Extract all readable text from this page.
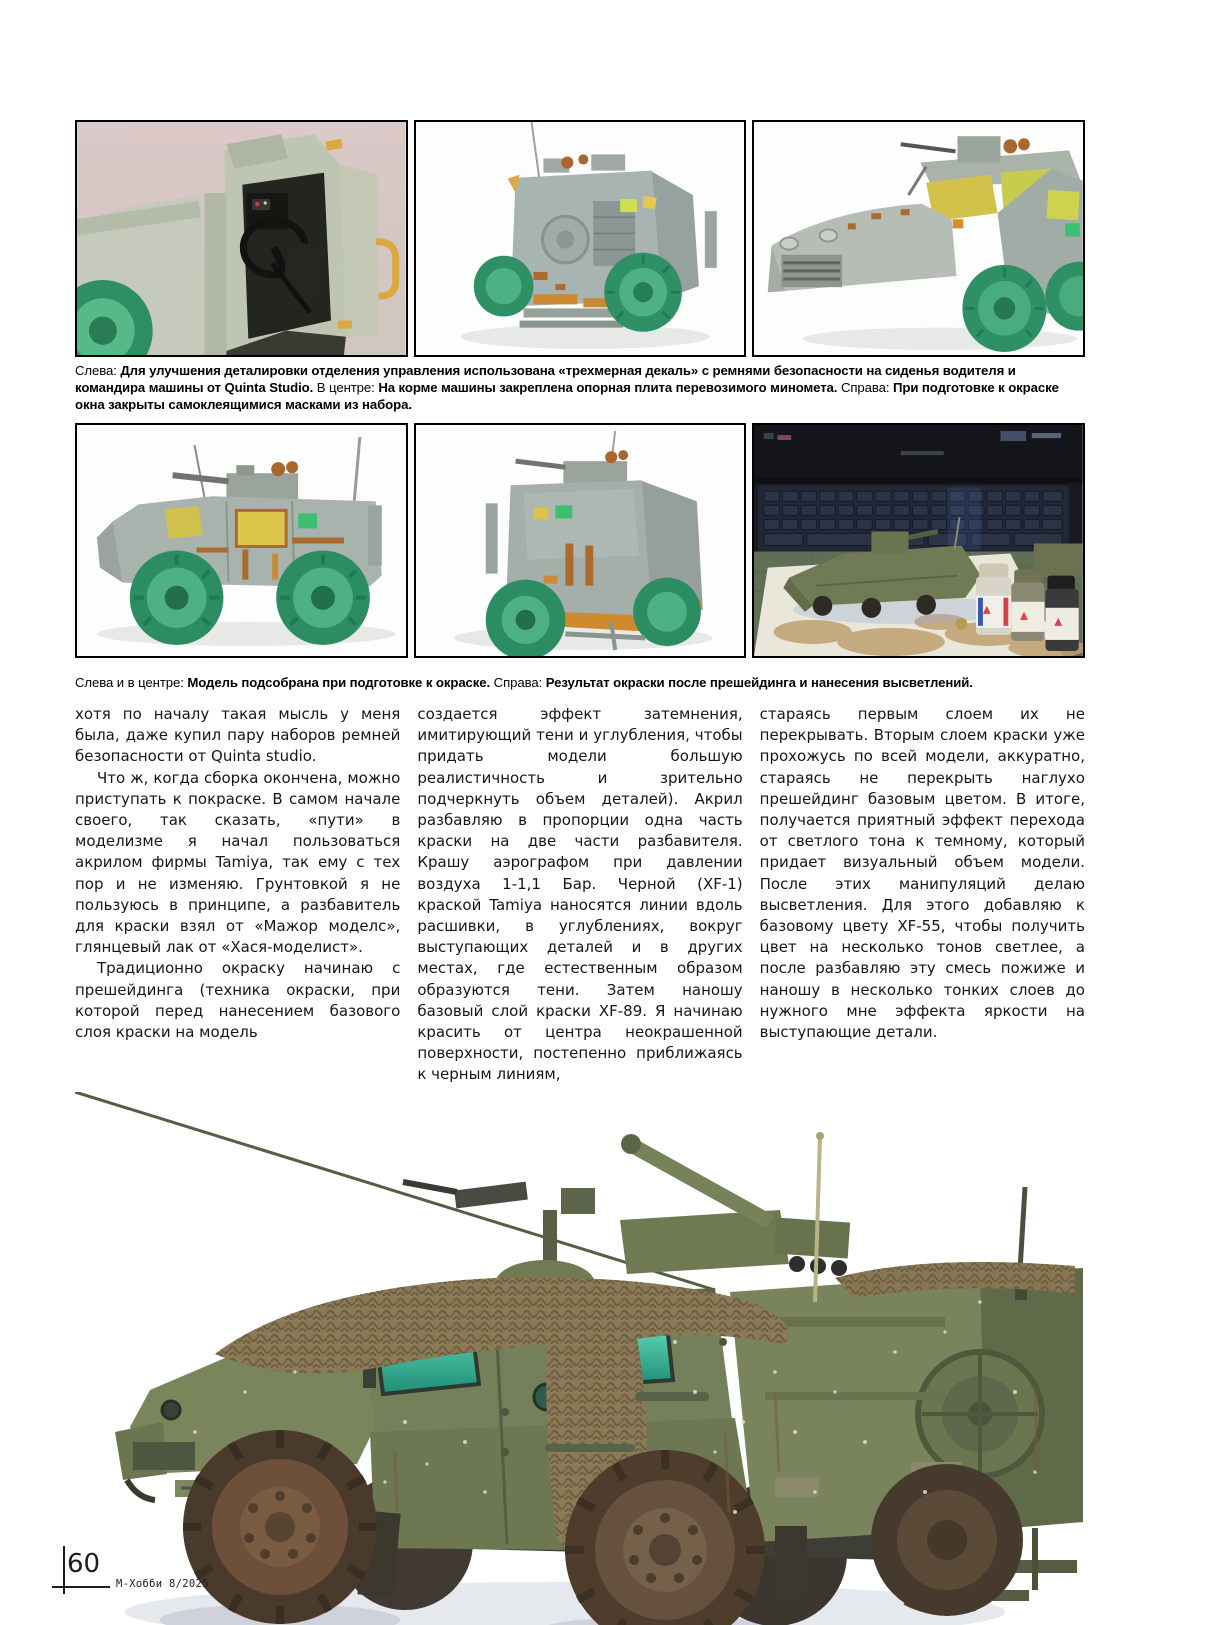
Слева: Для улучшения деталировки отделения управления использована «трехмерная декаль» с ремнями безопасности на сиденья водителя и командира машины от Quinta Studio. В центре: На корме машины закреплена опорная плита перевозимого миномета. Справа: При подготовке к окраске окна закрыты самоклеящимися масками из набора.

Слева и в центре: Модель подсобрана при подготовке к окраске. Справа: Результат окраски после прешейдинга и нанесения высветлений.

хотя по началу такая мысль у меня была, даже купил пару наборов ремней безопасности от Quinta studio.

Что ж, когда сборка окончена, можно приступать к покраске. В самом начале своего, так сказать, «пути» в моделизме я начал пользоваться акрилом фирмы Tamiya, так ему с тех пор и не изменяю. Грунтовкой я не пользуюсь в принципе, а разбавитель для краски взял от «Мажор моделс», глянцевый лак от «Хася-моделист».

Традиционно окраску начинаю с прешейдинга (техника окраски, при которой перед нанесением базового слоя краски на модель

создается эффект затемнения, имитирующий тени и углубления, чтобы придать модели большую реалистичность и зрительно подчеркнуть объем деталей). Акрил разбавляю в пропорции одна часть краски на две части разбавителя. Крашу аэрографом при давлении воздуха 1-1,1 Бар. Черной (XF-1) краской Tamiya наносятся линии вдоль расшивки, в углублениях, вокруг выступающих деталей и в других местах, где естественным образом образуются тени. Затем наношу базовый слой краски XF-89. Я начинаю красить от центра неокрашенной поверхности, постепенно приближаясь к черным линиям,

стараясь первым слоем их не перекрывать. Вторым слоем краски уже прохожусь по всей модели, аккуратно, стараясь не перекрыть наглухо прешейдинг базовым цветом. В итоге, получается приятный эффект перехода от светлого тона к темному, который придает визуальный объем модели. После этих манипуляций делаю высветления. Для этого добавляю к базовому цвету XF-55, чтобы получить цвет на несколько тонов светлее, а после разбавляю эту смесь пожиже и наношу в несколько тонких слоев до нужного мне эффекта яркости на выступающие детали.

60
М-Хобби 8/2025
